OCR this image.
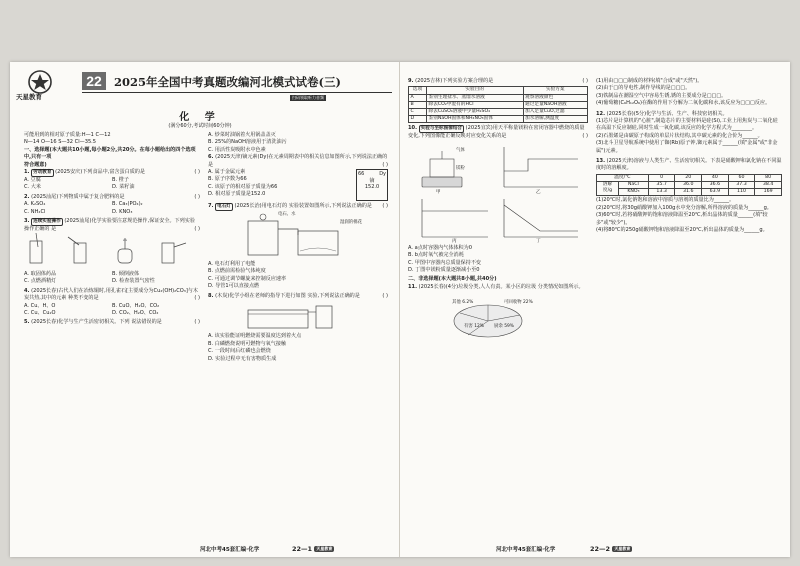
天星教育
22	2025年全国中考真题改编河北模式试卷(三)
扫码领取听力音频
化 学
(满分60分,考试时间60分钟)
可能用到的相对原子质量:H—1 C—12
N—14 O—16 S—32 Cl—35.5
一、选择题(本大题共10小题,每小题2分,共20分。在每小题给出的四个选项中,只有一项
符合题意)
1. 劳动教育 (2025安庆)下列食品中,富含蛋白质的是	( )
A. 豆腐	B. 橙子
C. 大米	D. 菜籽油
2. (2025汕尾)下列物质中属于复合肥料的是	( )
A. K₂SO₄	B. Ca₃(PO₄)₂
C. NH₄Cl	D. KNO₃
3. 连续实验操作 (2025汕尾)化学实验要注意规范操作,保证安全。下列实验操作正确的 是	( )
A. 取固体药品	B. 倾倒液体
C. 点燃酒精灯	D. 检查装置气密性
4. (2025长春)古代人们在冶炼铜时,用孔雀石[主要成分为Cu₂(OH)₂CO₃]与木炭共热,其中的元素 种类不变的是	( )
A. Cu、H、O	B. CuO、H₂O、CO₂
C. Cu、Cu₂O	D. CO₂、H₂O、CO₂
5. (2025长春)化学与生产生活密切相关。下列 说法错误的是	( )
A. 炒菜时油锅着火用锅盖盖灭
B. 25%的NaOH溶液用于清洗油污
C. 用活性炭吸附水中色素
6. (2025天津)镝元素(Dy)在元素周期表中的相关信息如图所示,下列说法正确的是	( )
A. 属于金属元素
B. 原子序数为66
C. 该原子的相对原子质量为66
D. 相对原子质量是152.0
66	Dy
镝
152.0
7. 电石灯 (2025长治)用电石灯的 实验装置如图所示,下列说法正确的是 ( )
电石、水
湿润的棉花
A. 电石灯利用了电能
B. 点燃前需检验气体纯度
C. 可通过调节螺旋来控制反应速率
D. 导管1可以直接点燃
8. (木炭)化学小组在老师的指导下进行如图 实验,下列说法正确的是	( )
A. 该实验能证明燃烧需要温度达到着火点
B. 白磷燃烧说明可燃物与氧气接触
C. 一段时间后红磷也会燃烧
D. 实验过程中无有害物质生成
河北中考45套汇编·化学	22—1 天星教育
9. (2025吉林)下列实验方案合理的是	( )
选项	实验目的	实验方案
A	鉴别生理盐水、蒸馏水溶液	观察溶液颜色
B	除去CO₂中混有的HCl	通过足量NaOH溶液
C	除去CuSO₄溶液中少量H₂SO₄	加入足量CuO,过滤
D	鉴别NaOH固体和NH₄NO₃固体	加水溶解,测温度
10. 实验与坐标图像结合 (2025宜宾)用天平称量镁粉在密闭容器中燃烧的质量变化,下列图像能正确反映对应变化关系的是	( )
气体
镁粉
甲	乙
丙	丁
A. a点时容器内气体体积为0
B. b点时氧气被完全消耗
C. 甲图中容器内总质量保持不变
D. 丁图中镁粉质量逐渐减小至0
二、非选择题(本大题共8小题,共40分)
11. (2025长春)(4分)垃圾分类,人人有责。某小区的垃圾 分类情况如图所示。
其他 6.2%	可回收物 22%
厨余 59%
有害 12%
(1)用由□□□制成的材料(填"合成"或"天然")。
(2)由于□的导电性,制作导线的是□□□。
(3)铁制品在潮湿空气中容易生锈,锈的主要成分是□□□。
(4)葡萄糖(C₆H₁₂O₆)在酶的作用下分解为二氧化碳和水,该反应为□□□反应。
12. (2025长春)(5分)化学与生活、生产、科技密切相关。
(1)芯片是计算机的"心脏",制造芯片的主要材料是硅(Si),工业上用焦炭与二氧化硅在高温下反应制硅,同时生成一氧化碳,该反应的化学方程式为________。
(2)石墨烯是由碳原子构成的单层片状结构,其中碳元素的化合价为______。
(3)北斗卫星导航系统中使用了铷(Rb)原子钟,铷元素属于______(填"金属"或"非金属")元素。
13. (2025天津)溶液与人类生产、生活密切相关。下表是硝酸钾和氯化钠在不同温度时的溶解度。
温度/℃		0	20	40	60	80
溶解度/g	NaCl	35.7	36.0	36.6	37.3	38.4
	KNO₃	13.3	31.6	63.9	110	169
(1)20℃时,氯化钠饱和溶液中溶质与溶剂的质量比为______。
(2)20℃时,将30g硝酸钾加入100g水中充分溶解,所得溶液的质量为______g。
(3)60℃时,若将硝酸钾的饱和溶液降温至20℃,析出晶体的质量______(填"较多"或"较少")。
(4)将80℃的250g硝酸钾饱和溶液降温至20℃,析出晶体的质量为______g。
河北中考45套汇编·化学	22—2 天星教育
